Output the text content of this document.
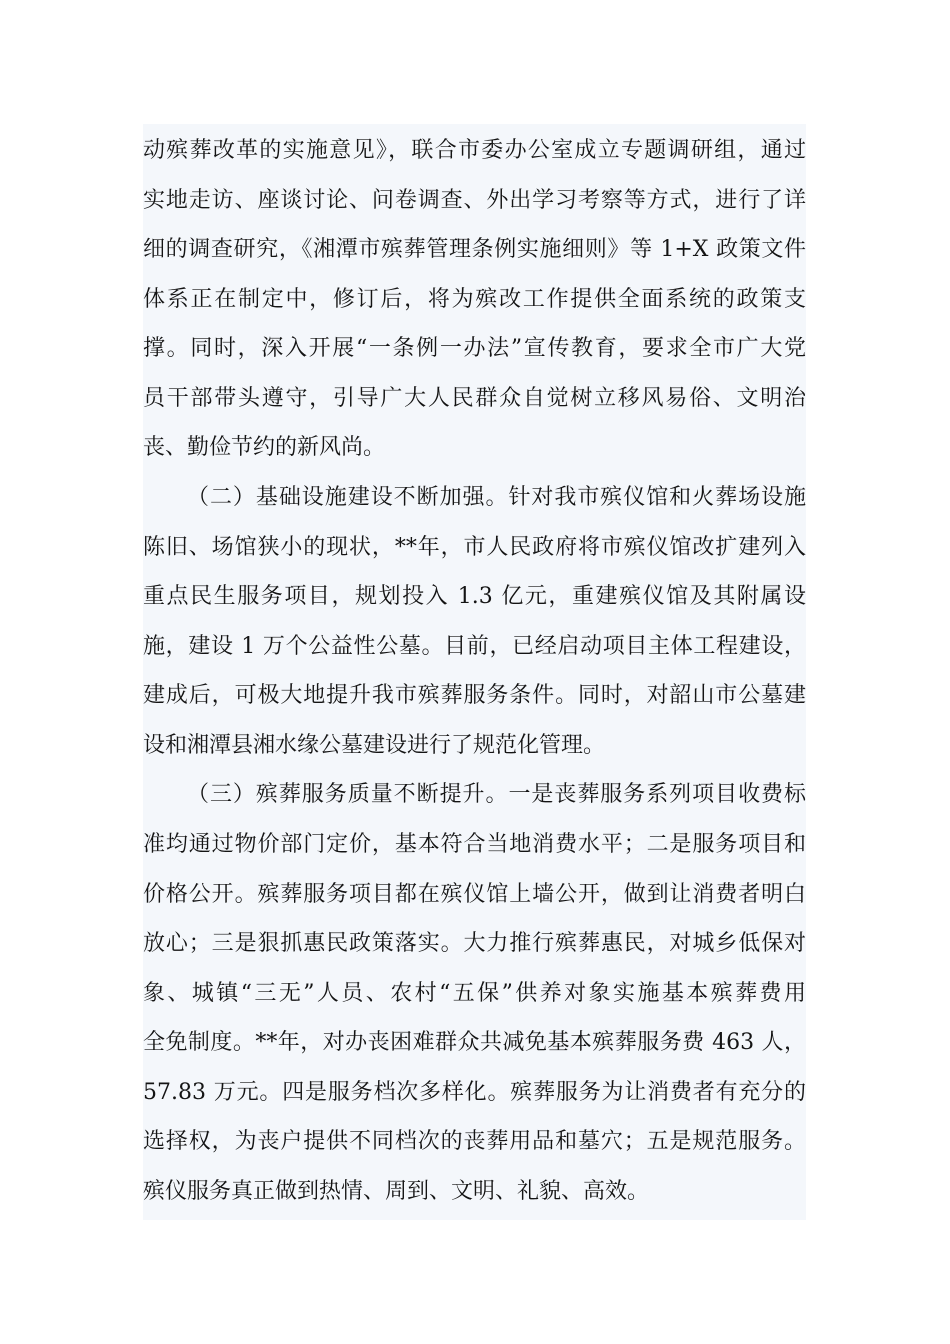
动殡葬改革的实施意见》，联合市委办公室成立专题调研组，通过
实地走访、座谈讨论、问卷调查、外出学习考察等方式，进行了详
细的调查研究，《湘潭市殡葬管理条例实施细则》等 1+X 政策文件
体系正在制定中，修订后，将为殡改工作提供全面系统的政策支
撑。同时，深入开展“一条例一办法”宣传教育，要求全市广大党
员干部带头遵守，引导广大人民群众自觉树立移风易俗、文明治
丧、勤俭节约的新风尚。
（二）基础设施建设不断加强。针对我市殡仪馆和火葬场设施
陈旧、场馆狭小的现状，**年，市人民政府将市殡仪馆改扩建列入
重点民生服务项目，规划投入 1.3 亿元，重建殡仪馆及其附属设
施，建设 1 万个公益性公墓。目前，已经启动项目主体工程建设，
建成后，可极大地提升我市殡葬服务条件。同时，对韶山市公墓建
设和湘潭县湘水缘公墓建设进行了规范化管理。
（三）殡葬服务质量不断提升。一是丧葬服务系列项目收费标
准均通过物价部门定价，基本符合当地消费水平；二是服务项目和
价格公开。殡葬服务项目都在殡仪馆上墙公开，做到让消费者明白
放心；三是狠抓惠民政策落实。大力推行殡葬惠民，对城乡低保对
象、城镇“三无”人员、农村“五保”供养对象实施基本殡葬费用
全免制度。**年，对办丧困难群众共减免基本殡葬服务费 463 人，
57.83 万元。四是服务档次多样化。殡葬服务为让消费者有充分的
选择权，为丧户提供不同档次的丧葬用品和墓穴；五是规范服务。
殡仪服务真正做到热情、周到、文明、礼貌、高效。
